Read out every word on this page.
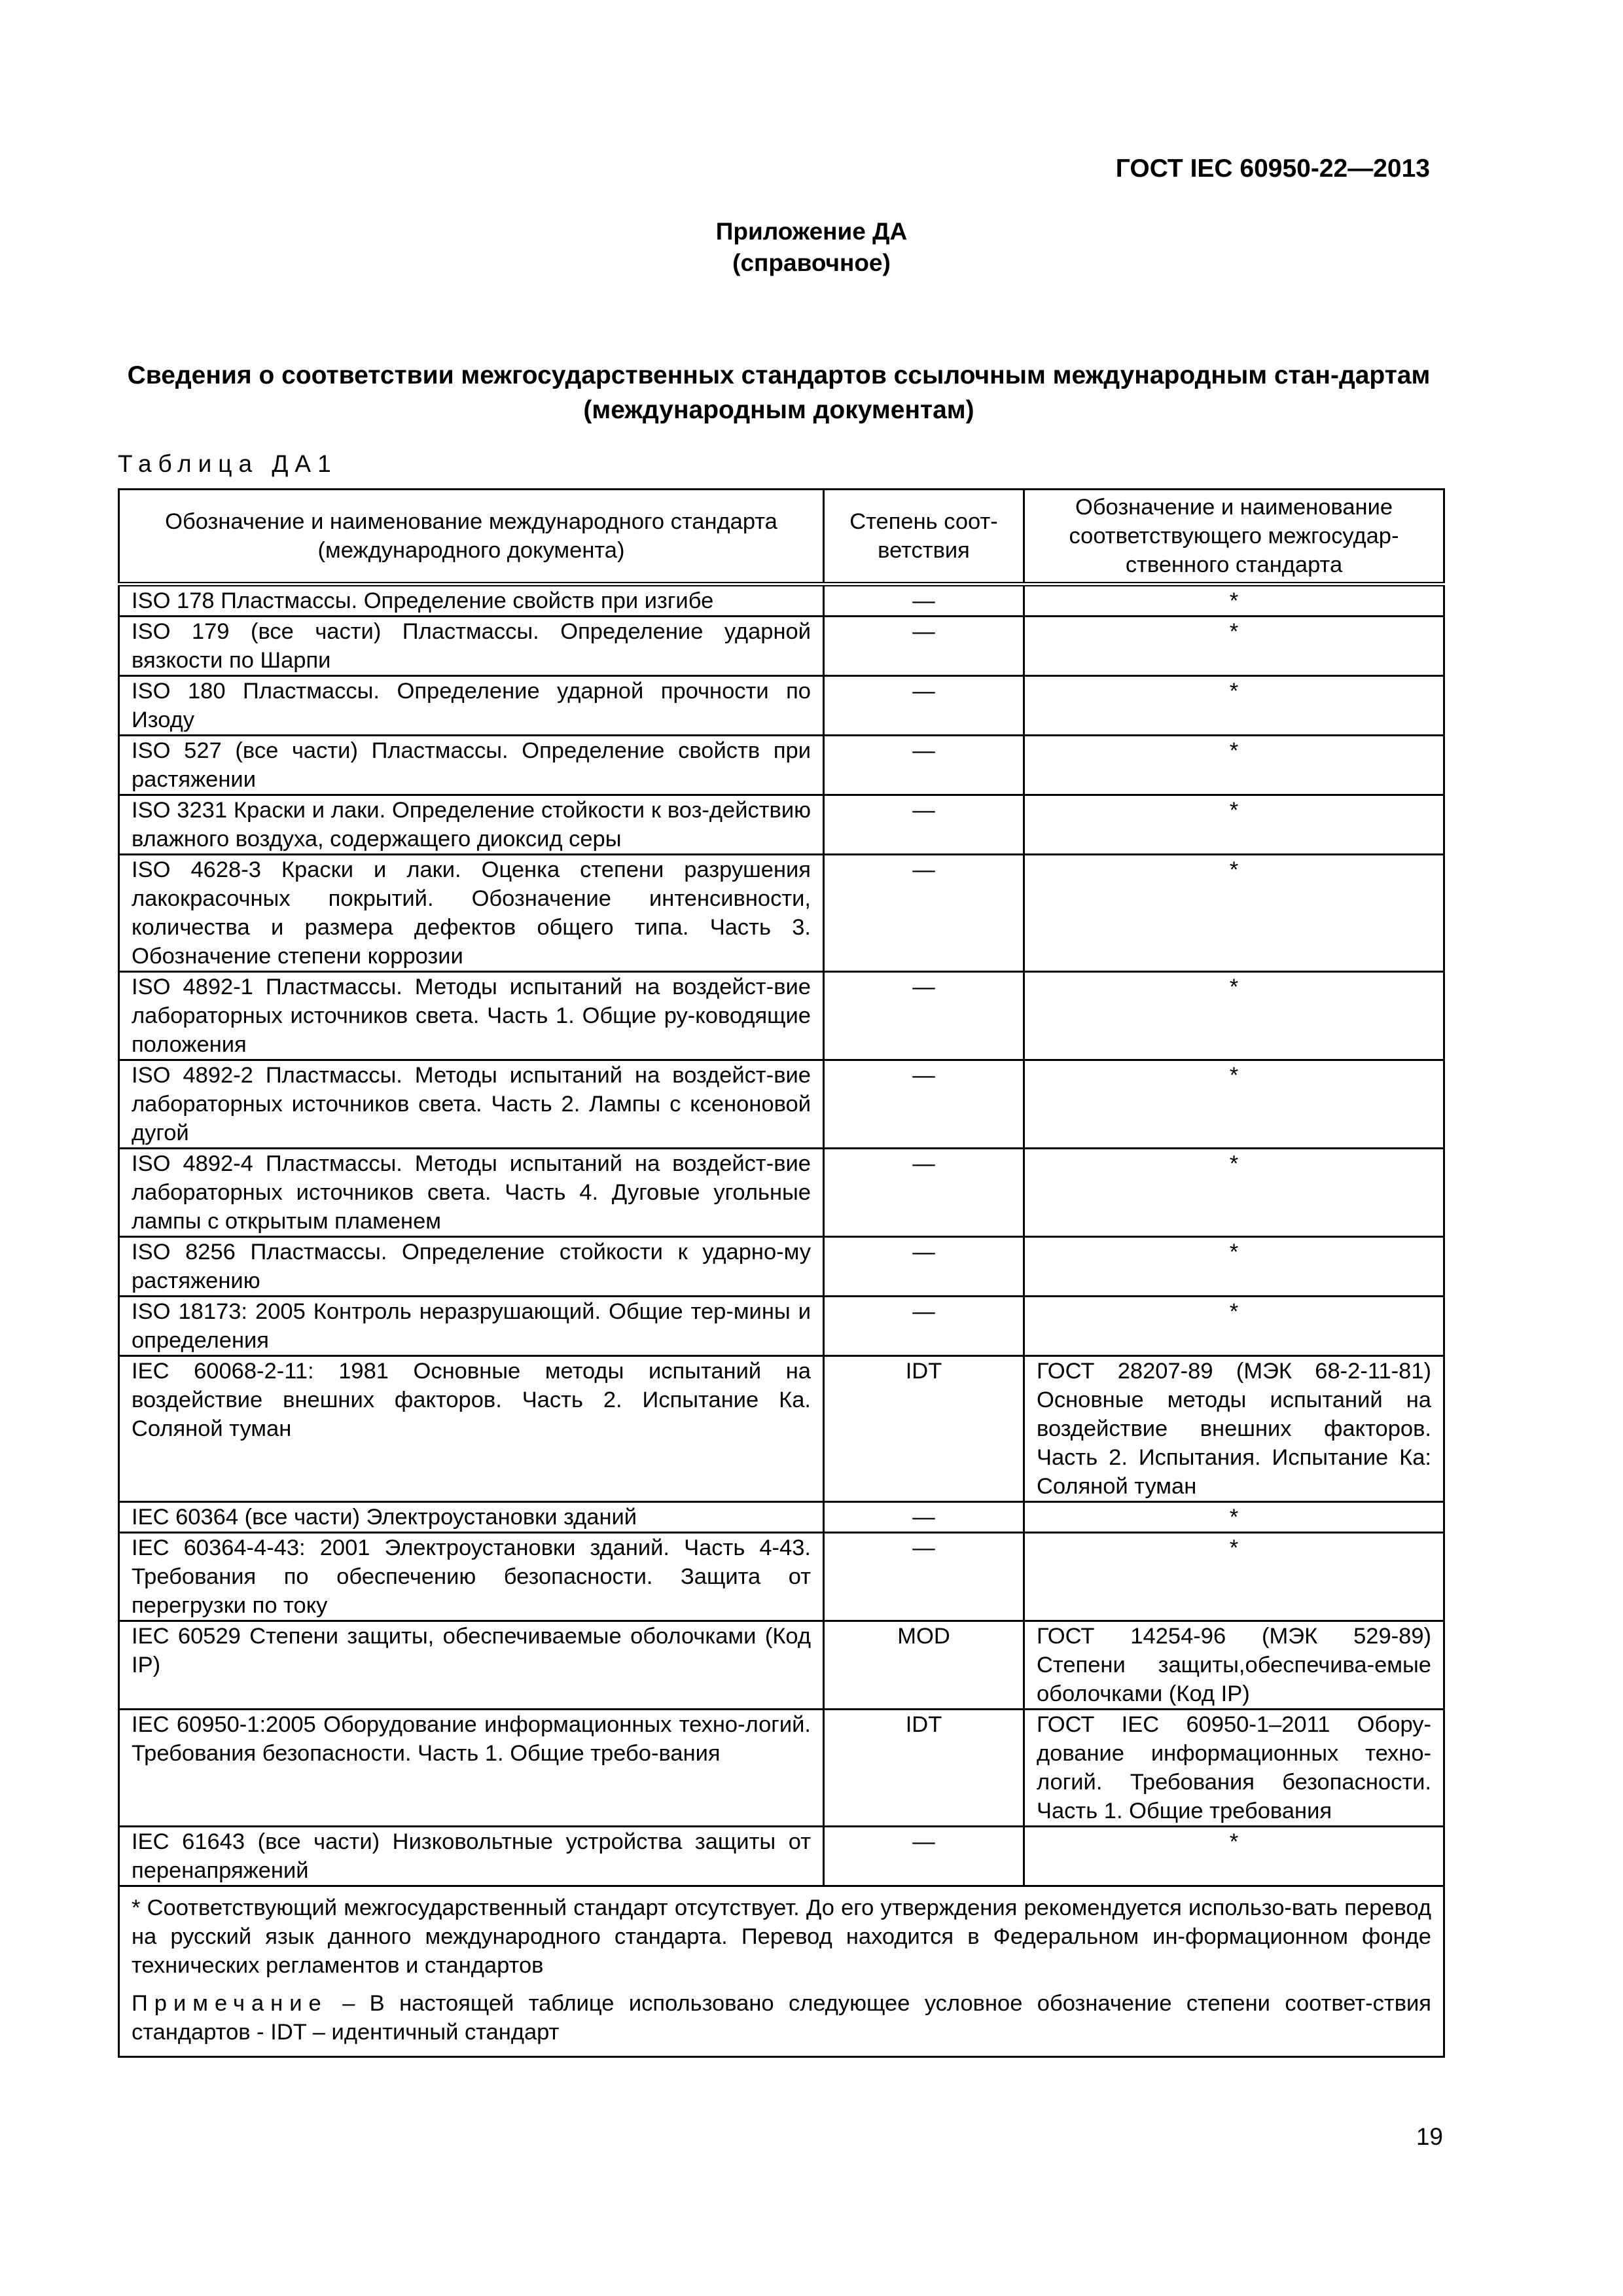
ГОСТ IEC 60950-22—2013
Приложение ДА
(справочное)
Сведения о соответствии межгосударственных стандартов ссылочным международным стан-дартам (международным документам)
Таблица ДА1
Обозначение и наименование международного стандарта (международного документа)	Степень соот-ветствия	Обозначение и наименование соответствующего межгосудар-ственного стандарта
ISO 178 Пластмассы. Определение свойств при изгибе	—	*
ISO 179 (все части) Пластмассы. Определение ударной вязкости по Шарпи	—	*
ISO 180 Пластмассы. Определение ударной прочности по Изоду	—	*
ISO 527 (все части) Пластмассы. Определение свойств при растяжении	—	*
ISO 3231 Краски и лаки. Определение стойкости к воз-действию влажного воздуха, содержащего диоксид серы	—	*
ISO 4628-3 Краски и лаки. Оценка степени разрушения лакокрасочных покрытий. Обозначение интенсивности, количества и размера дефектов общего типа. Часть 3. Обозначение степени коррозии	—	*
ISO 4892-1 Пластмассы. Методы испытаний на воздейст-вие лабораторных источников света. Часть 1. Общие ру-ководящие положения	—	*
ISO 4892-2 Пластмассы. Методы испытаний на воздейст-вие лабораторных источников света. Часть 2. Лампы с ксеноновой дугой	—	*
ISO 4892-4 Пластмассы. Методы испытаний на воздейст-вие лабораторных источников света. Часть 4. Дуговые угольные лампы с открытым пламенем	—	*
ISO 8256 Пластмассы. Определение стойкости к ударно-му растяжению	—	*
ISO 18173: 2005 Контроль неразрушающий. Общие тер-мины и определения	—	*
IEC 60068-2-11: 1981 Основные методы испытаний на воздействие внешних факторов. Часть 2. Испытание Ка. Соляной туман	IDT	ГОСТ 28207-89 (МЭК 68-2-11-81) Основные методы испытаний на воздействие внешних факторов. Часть 2. Испытания. Испытание Ка: Соляной туман
IEC 60364 (все части) Электроустановки зданий	—	*
IEC 60364-4-43: 2001 Электроустановки зданий. Часть 4-43. Требования по обеспечению безопасности. Защита от перегрузки по току	—	*
IEC 60529 Степени защиты, обеспечиваемые оболочками (Код IP)	MOD	ГОСТ 14254-96 (МЭК 529-89) Степени защиты,обеспечива-емые оболочками (Код IP)
IEC 60950-1:2005 Оборудование информационных техно-логий. Требования безопасности. Часть 1. Общие требо-вания	IDT	ГОСТ IEC 60950-1–2011 Обору-дование информационных техно-логий. Требования безопасности. Часть 1. Общие требования
IEC 61643 (все части) Низковольтные устройства защиты от перенапряжений	—	*

* Соответствующий межгосударственный стандарт отсутствует. До его утверждения рекомендуется использо-вать перевод на русский язык данного международного стандарта. Перевод находится в Федеральном ин-формационном фонде технических регламентов и стандартов

Примечание – В настоящей таблице использовано следующее условное обозначение степени соответ-ствия стандартов - IDT – идентичный стандарт		

19
